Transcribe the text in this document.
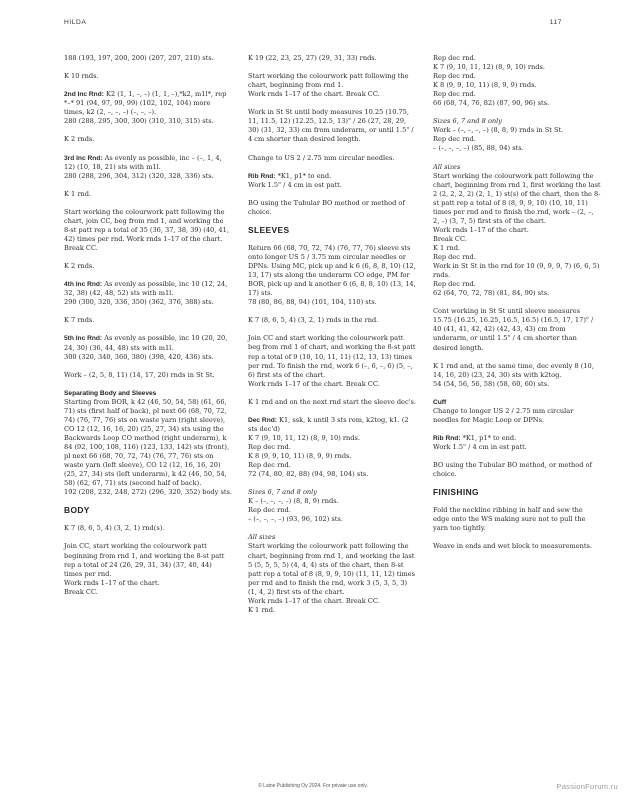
HILDA	117

188 (193, 197, 200, 200) (207, 207, 210) sts.

K 10 rnds.

2nd Inc Rnd: K2 (1, 1, –, –) (1, 1, –),*k2, m1l*, rep *–* 91 (94, 97, 99, 99) (102, 102, 104) more times, k2 (2, –, –, –) (–, –, –).
280 (288, 295, 300, 300) (310, 310, 315) sts.

K 2 rnds.

3rd Inc Rnd: As evenly as possible, inc – (–, 1, 4, 12) (10, 18, 21) sts with m1l.
280 (288, 296, 304, 312) (320, 328, 336) sts.

K 1 rnd.

Start working the colourwork patt following the chart, join CC, beg from rnd 1, and working the 8-st patt rep a total of 35 (36, 37, 38, 39) (40, 41, 42) times per rnd. Work rnds 1–17 of the chart. Break CC.

K 2 rnds.

4th Inc Rnd: As evenly as possible, inc 10 (12, 24, 32, 38) (42, 48, 52) sts with m1l.
290 (300, 320, 336, 350) (362, 376, 388) sts.

K 7 rnds.

5th Inc Rnd: As evenly as possible, inc 10 (20, 20, 24, 30) (36, 44, 48) sts with m1l.
300 (320, 340, 360, 380) (398, 420, 436) sts.

Work – (2, 5, 8, 11) (14, 17, 20) rnds in St St.

Separating Body and Sleeves

Starting from BOR, k 42 (46, 50, 54, 58) (61, 66, 71) sts (first half of back), pl next 66 (68, 70, 72, 74) (76, 77, 76) sts on waste yarn (right sleeve), CO 12 (12, 16, 16, 20) (25, 27, 34) sts using the Backwards Loop CO method (right underarm), k 84 (92, 100, 108, 116) (123, 133, 142) sts (front), pl next 66 (68, 70, 72, 74) (76, 77, 76) sts on waste yarn (left sleeve), CO 12 (12, 16, 16, 20) (25, 27, 34) sts (left underarm), k 42 (46, 50, 54, 58) (62, 67, 71) sts (second half of back).
192 (208, 232, 248, 272) (296, 320, 352) body sts.

BODY

K 7 (8, 6, 5, 4) (3, 2, 1) rnd(s).

Join CC, start working the colourwork patt beginning from rnd 1, and working the 8-st patt rep a total of 24 (26, 29, 31, 34) (37, 40, 44) times per rnd.
Work rnds 1–17 of the chart.
Break CC.

K 19 (22, 23, 25, 27) (29, 31, 33) rnds.

Start working the colourwork patt following the chart, beginning from rnd 1.
Work rnds 1–17 of the chart. Break CC.

Work in St St until body measures 10.25 (10.75, 11, 11.5, 12) (12.25, 12.5, 13)" / 26 (27, 28, 29, 30) (31, 32, 33) cm from underarm, or until 1.5" / 4 cm shorter than desired length.

Change to US 2 / 2.75 mm circular needles.

Rib Rnd: *K1, p1* to end.
Work 1.5" / 4 cm in est patt.

BO using the Tubular BO method or method of choice.

SLEEVES

Return 66 (68, 70, 72, 74) (76, 77, 76) sleeve sts onto longer US 5 / 3.75 mm circular needles or DPNs. Using MC, pick up and k 6 (6, 8, 8, 10) (12, 13, 17) sts along the underarm CO edge, PM for BOR, pick up and k another 6 (6, 8, 8, 10) (13, 14, 17) sts.
78 (80, 86, 88, 94) (101, 104, 110) sts.

K 7 (8, 6, 5, 4) (3, 2, 1) rnds in the rnd.

Join CC and start working the colourwork patt beg from rnd 1 of chart, and working the 8-st patt rep a total of 9 (10, 10, 11, 11) (12, 13, 13) times per rnd. To finish the rnd, work 6 (–, 6, –, 6) (5, –, 6) first sts of the chart.
Work rnds 1–17 of the chart. Break CC.

K 1 rnd and on the next rnd start the sleeve dec's.

Dec Rnd: K1, ssk, k until 3 sts rem, k2tog, k1. (2 sts dec'd)
K 7 (9, 10, 11, 12) (8, 9, 10) rnds.
Rep dec rnd.
K 8 (9, 9, 10, 11) (8, 9, 9) rnds.
Rep dec rnd.
72 (74, 80, 82, 88) (94, 98, 104) sts.

Sizes 6, 7 and 8 only

K – (–, –, –, –) (8, 8, 9) rnds.
Rep dec rnd.
– (–, –, –, –) (93, 96, 102) sts.

All sizes

Start working the colourwork patt following the chart, beginning from rnd 1, and working the last 5 (5, 5, 5, 5) (4, 4, 4) sts of the chart, then 8-st patt rep a total of 8 (8, 9, 9, 10) (11, 11, 12) times per rnd and to finish the rnd, work 3 (5, 3, 5, 3) (1, 4, 2) first sts of the chart.
Work rnds 1–17 of the chart. Break CC.
K 1 rnd.

Rep dec rnd.
K 7 (9, 10, 11, 12) (8, 9, 10) rnds.
Rep dec rnd.
K 8 (9, 9, 10, 11) (8, 9, 9) rnds.
Rep dec rnd.
66 (68, 74, 76, 82) (87, 90, 96) sts.

Sizes 6, 7 and 8 only

Work – (–, –, –, –) (8, 8, 9) rnds in St St.
Rep dec rnd.
– (–, –, –, –) (85, 88, 94) sts.

All sizes

Start working the colourwork patt following the chart, beginning from rnd 1, first working the last 2 (2, 2, 2, 2) (2, 1, 1) st(s) of the chart, then the 8-st patt rep a total of 8 (8, 9, 9, 10) (10, 10, 11) times per rnd and to finish the rnd, work – (2, –, 2, –) (3, 7, 5) first sts of the chart.
Work rnds 1–17 of the chart.
Break CC.
K 1 rnd.
Rep dec rnd.
Work in St St in the rnd for 10 (9, 9, 9, 7) (6, 6, 5) rnds.
Rep dec rnd.
62 (64, 70, 72, 78) (81, 84, 90) sts.

Cont working in St St until sleeve measures 15.75 (16.25, 16.25, 16.5, 16.5) (16.5, 17, 17)" / 40 (41, 41, 42, 42) (42, 43, 43) cm from underarm, or until 1.5" / 4 cm shorter than desired length.

K 1 rnd and, at the same time, dec evenly 8 (10, 14, 16, 20) (23, 24, 30) sts with k2tog.
54 (54, 56, 56, 58) (58, 60, 60) sts.

Cuff

Change to longer US 2 / 2.75 mm circular needles for Magic Loop or DPNs.

Rib Rnd: *K1, p1* to end.
Work 1.5" / 4 cm in est patt.

BO using the Tubular BO method, or method of choice.

FINISHING

Fold the neckline ribbing in half and sew the edge onto the WS making sure not to pull the yarn too tightly.

Weave in ends and wet block to measurements.

© Laine Publishing Oy 2024. For private use only.	PassionForum.ru
